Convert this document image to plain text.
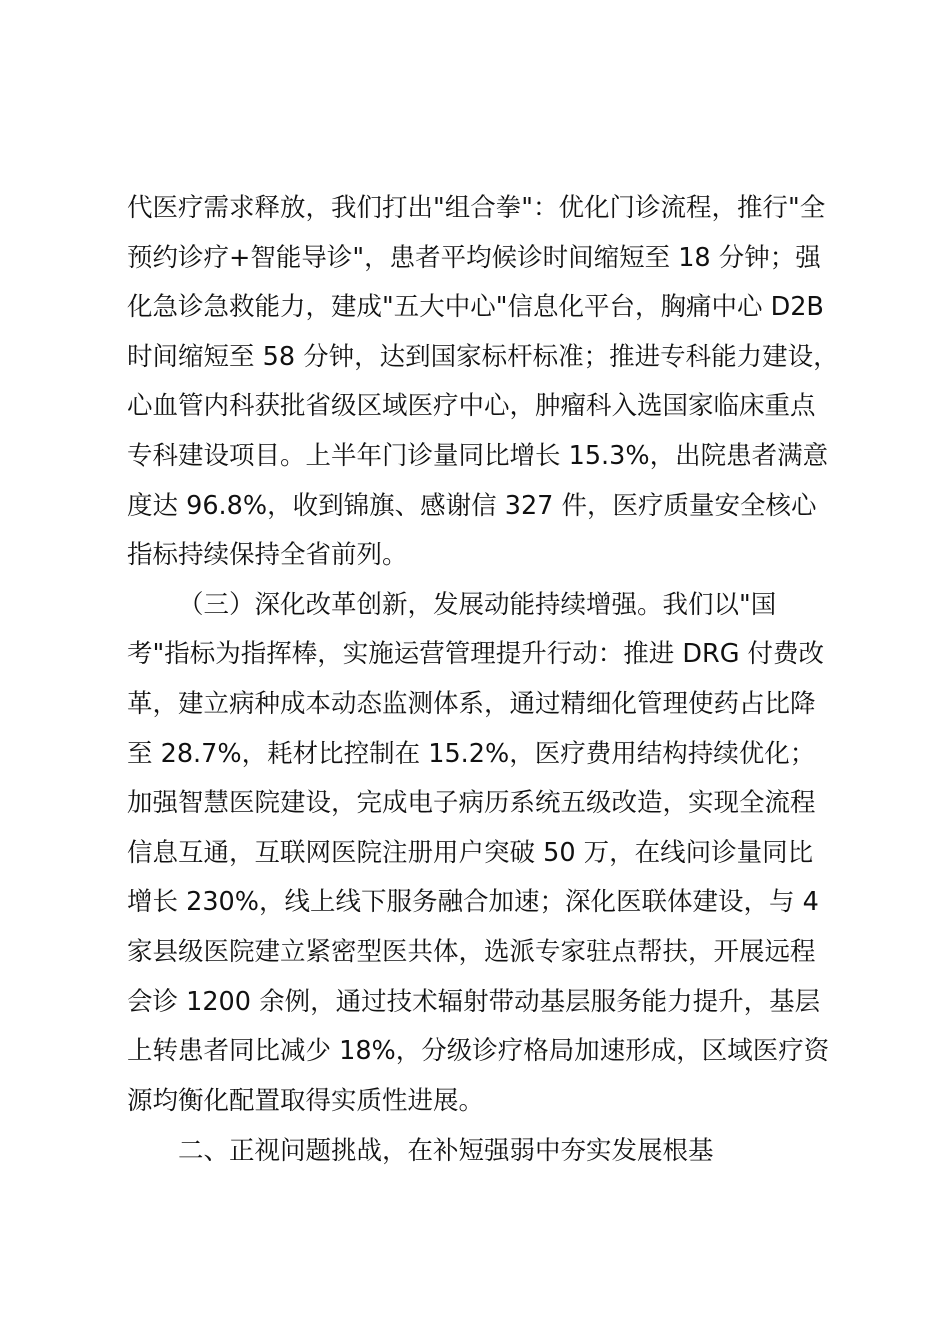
代医疗需求释放，我们打出"组合拳"：优化门诊流程，推行"全
预约诊疗+智能导诊"，患者平均候诊时间缩短至 18 分钟；强
化急诊急救能力，建成"五大中心"信息化平台，胸痛中心 D2B
时间缩短至 58 分钟，达到国家标杆标准；推进专科能力建设，
心血管内科获批省级区域医疗中心，肿瘤科入选国家临床重点
专科建设项目。上半年门诊量同比增长 15.3%，出院患者满意
度达 96.8%，收到锦旗、感谢信 327 件，医疗质量安全核心
指标持续保持全省前列。
（三）深化改革创新，发展动能持续增强。我们以"国
考"指标为指挥棒，实施运营管理提升行动：推进 DRG 付费改
革，建立病种成本动态监测体系，通过精细化管理使药占比降
至 28.7%，耗材比控制在 15.2%，医疗费用结构持续优化；
加强智慧医院建设，完成电子病历系统五级改造，实现全流程
信息互通，互联网医院注册用户突破 50 万，在线问诊量同比
增长 230%，线上线下服务融合加速；深化医联体建设，与 4
家县级医院建立紧密型医共体，选派专家驻点帮扶，开展远程
会诊 1200 余例，通过技术辐射带动基层服务能力提升，基层
上转患者同比减少 18%，分级诊疗格局加速形成，区域医疗资
源均衡化配置取得实质性进展。
二、正视问题挑战，在补短强弱中夯实发展根基
